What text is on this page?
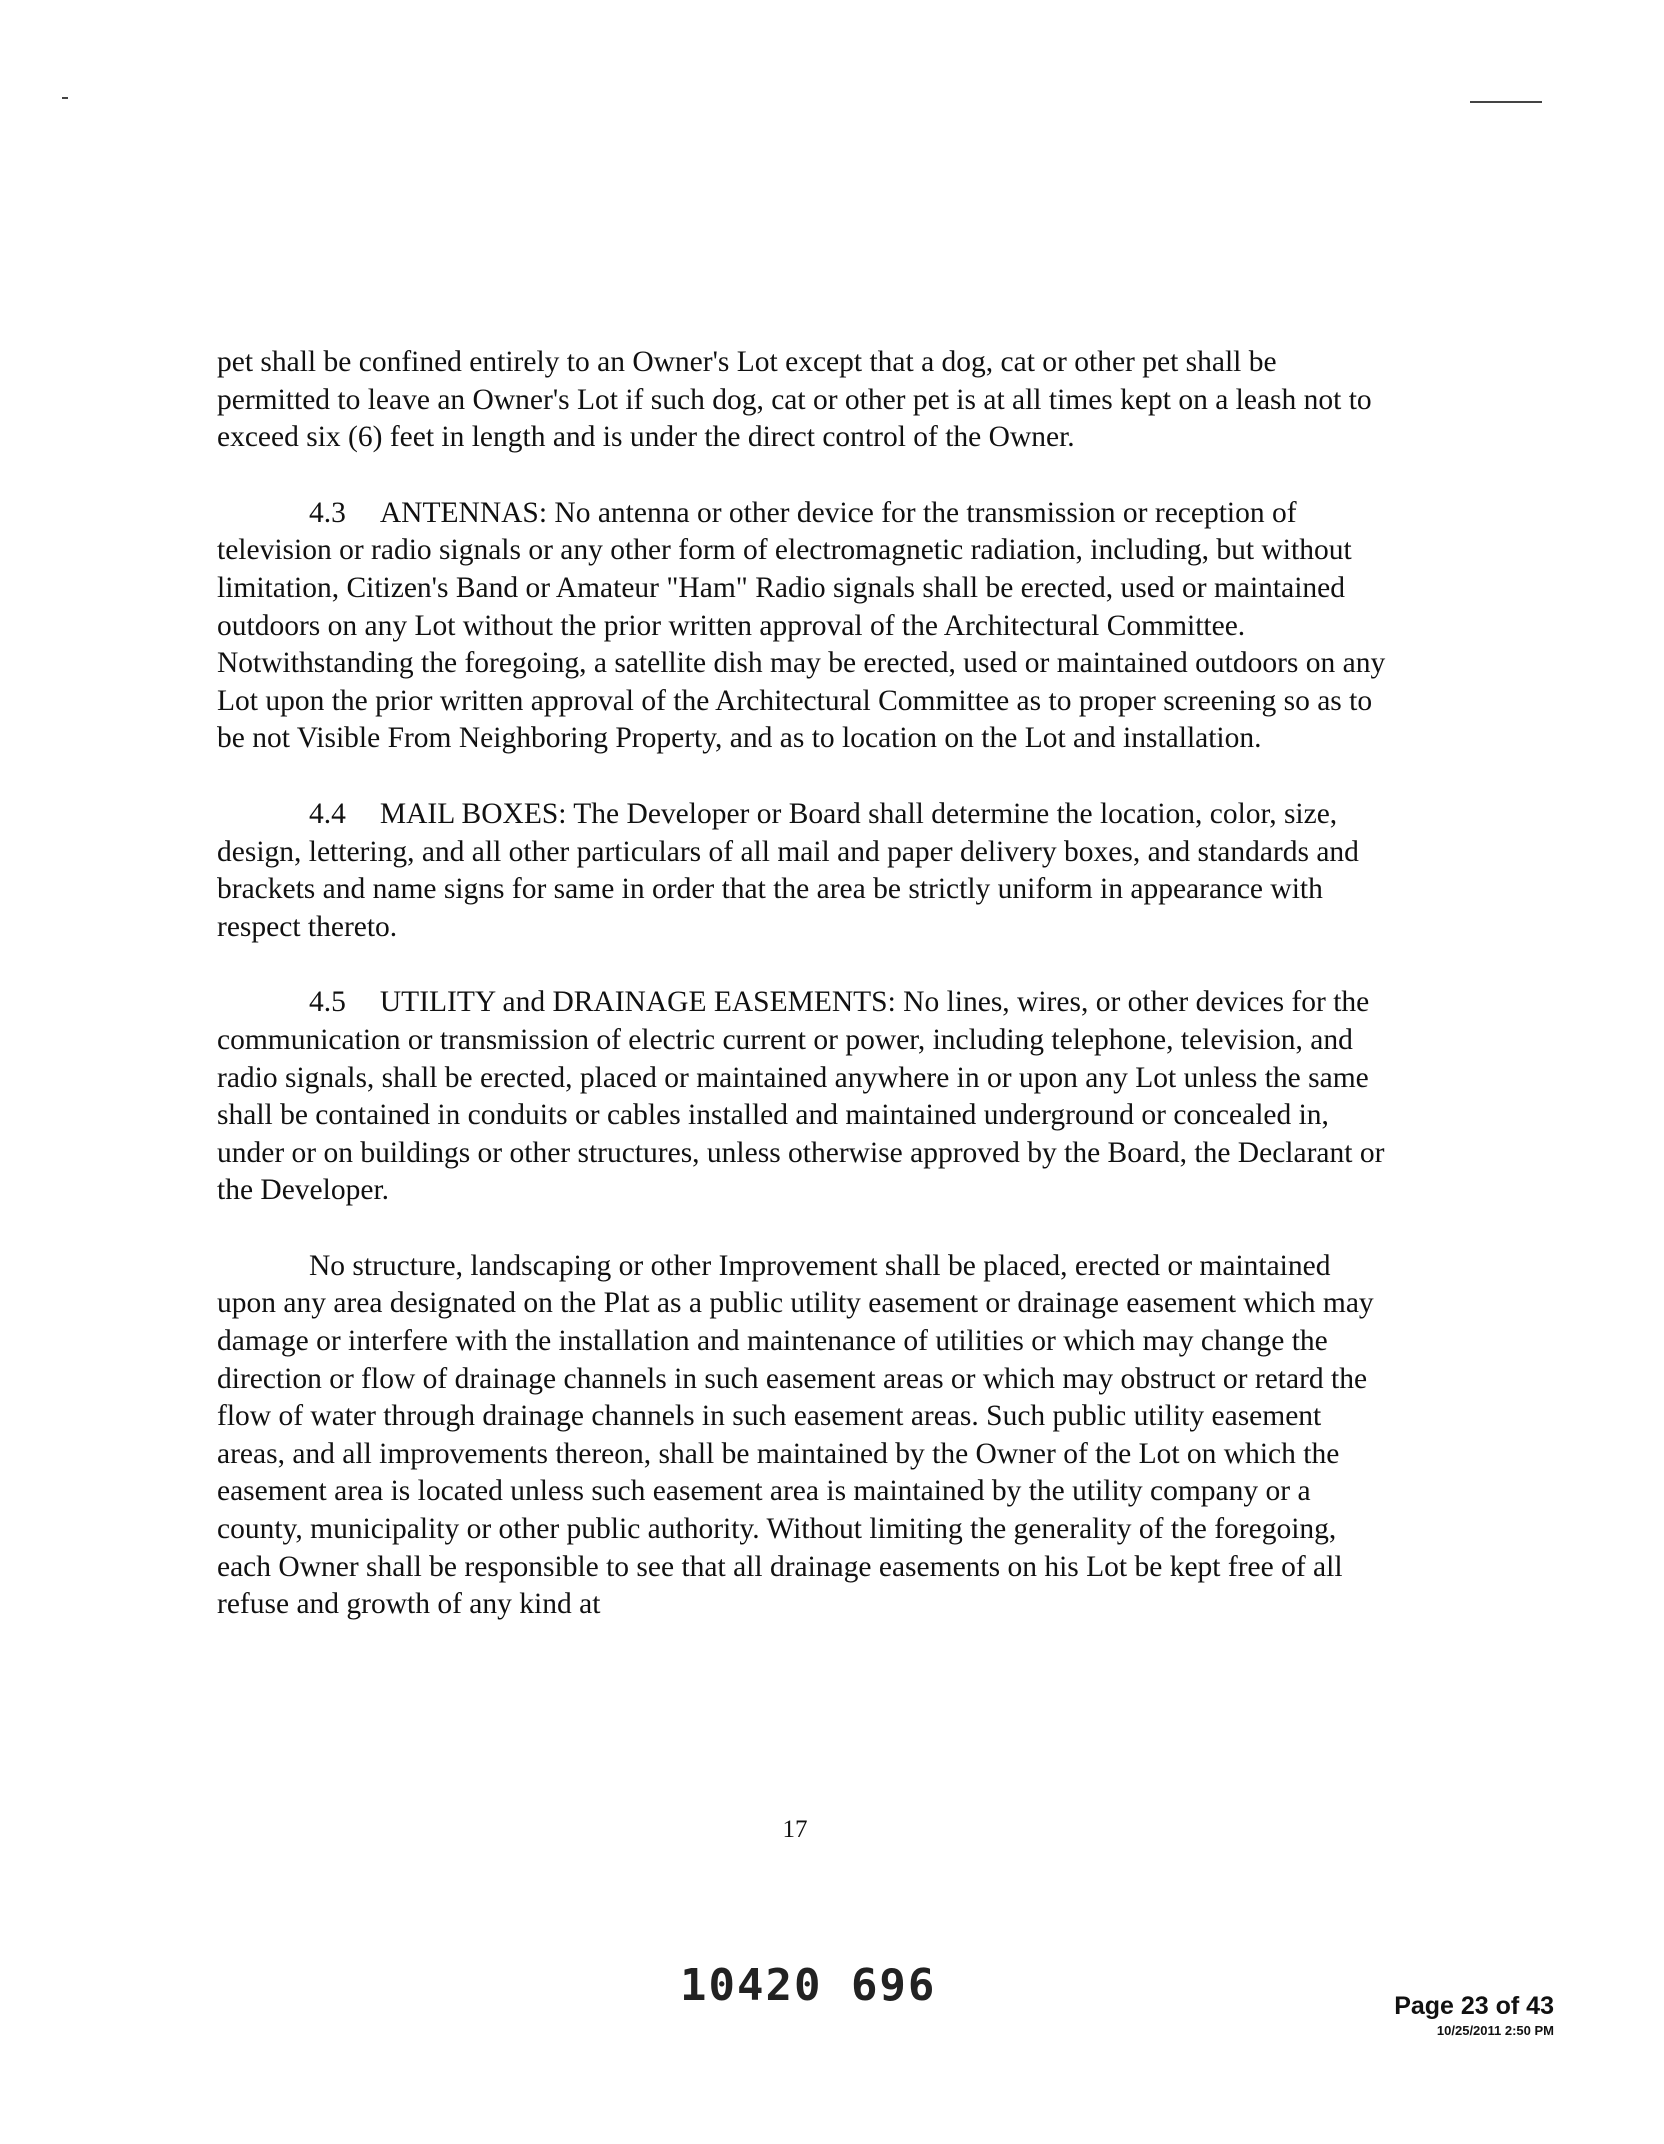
pet shall be confined entirely to an Owner's Lot except that a dog, cat or other pet shall be permitted to leave an Owner's Lot if such dog, cat or other pet is at all times kept on a leash not to exceed six (6) feet in length and is under the direct control of the Owner.

4.3 ANTENNAS: No antenna or other device for the transmission or reception of television or radio signals or any other form of electromagnetic radiation, including, but without limitation, Citizen's Band or Amateur "Ham" Radio signals shall be erected, used or maintained outdoors on any Lot without the prior written approval of the Architectural Committee. Notwithstanding the foregoing, a satellite dish may be erected, used or maintained outdoors on any Lot upon the prior written approval of the Architectural Committee as to proper screening so as to be not Visible From Neighboring Property, and as to location on the Lot and installation.

4.4 MAIL BOXES: The Developer or Board shall determine the location, color, size, design, lettering, and all other particulars of all mail and paper delivery boxes, and standards and brackets and name signs for same in order that the area be strictly uniform in appearance with respect thereto.

4.5 UTILITY and DRAINAGE EASEMENTS: No lines, wires, or other devices for the communication or transmission of electric current or power, including telephone, television, and radio signals, shall be erected, placed or maintained anywhere in or upon any Lot unless the same shall be contained in conduits or cables installed and maintained underground or concealed in, under or on buildings or other structures, unless otherwise approved by the Board, the Declarant or the Developer.

No structure, landscaping or other Improvement shall be placed, erected or maintained upon any area designated on the Plat as a public utility easement or drainage easement which may damage or interfere with the installation and maintenance of utilities or which may change the direction or flow of drainage channels in such easement areas or which may obstruct or retard the flow of water through drainage channels in such easement areas. Such public utility easement areas, and all improvements thereon, shall be maintained by the Owner of the Lot on which the easement area is located unless such easement area is maintained by the utility company or a county, municipality or other public authority. Without limiting the generality of the foregoing, each Owner shall be responsible to see that all drainage easements on his Lot be kept free of all refuse and growth of any kind at

17
10420 696	Page 23 of 43
10/25/2011 2:50 PM
